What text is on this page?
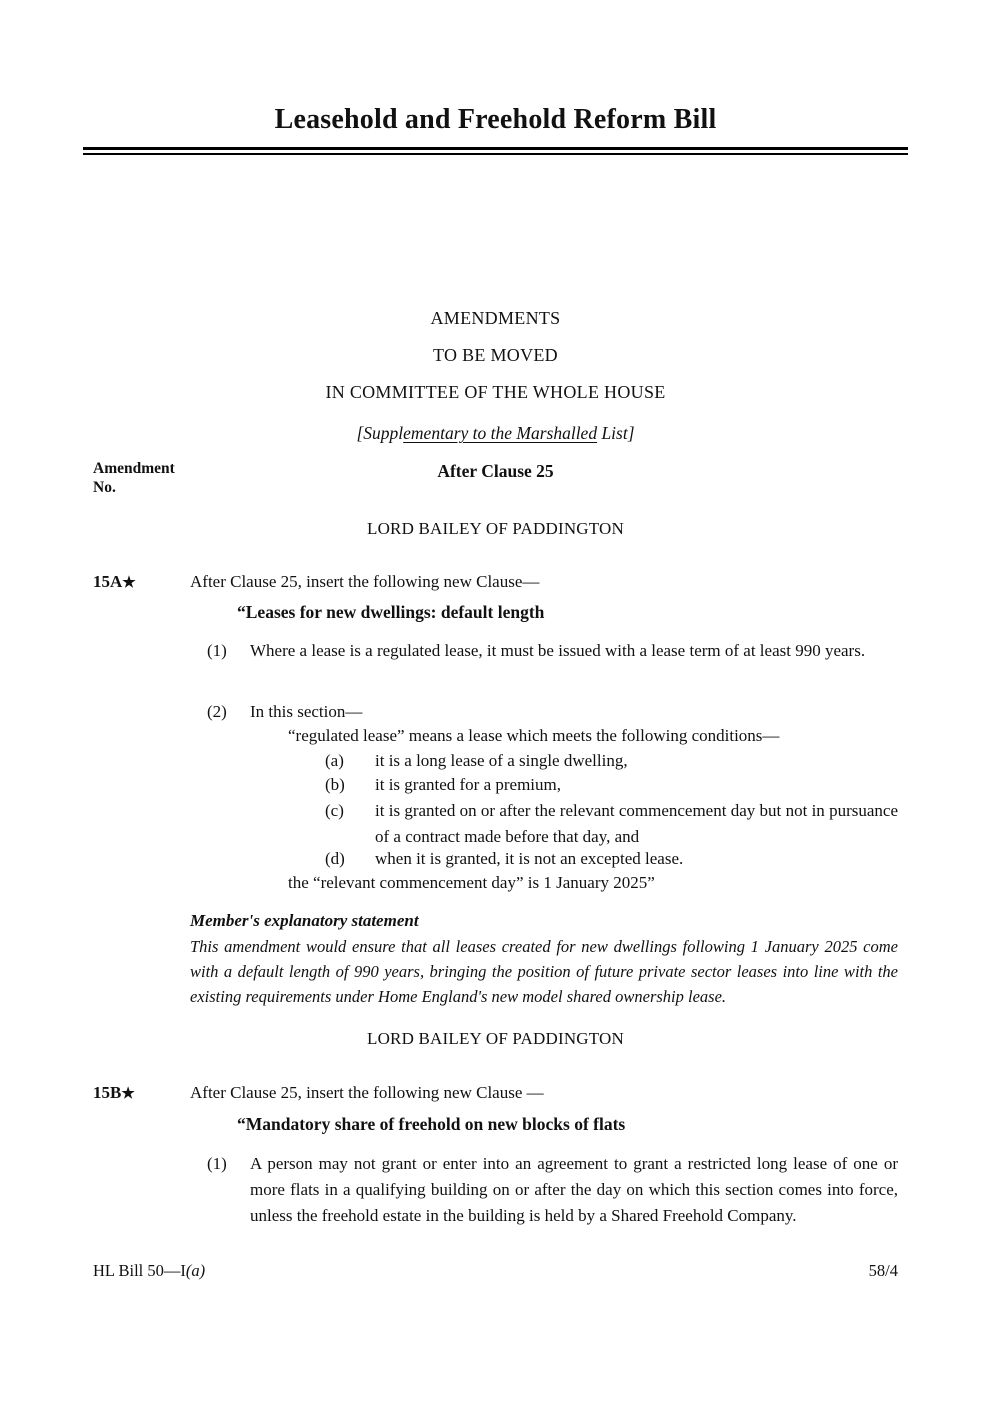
Leasehold and Freehold Reform Bill
AMENDMENTS
TO BE MOVED
IN COMMITTEE OF THE WHOLE HOUSE
[Supplementary to the Marshalled List]
Amendment
No.
After Clause 25
LORD BAILEY OF PADDINGTON
15A★	After Clause 25, insert the following new Clause—
“Leases for new dwellings: default length
(1) Where a lease is a regulated lease, it must be issued with a lease term of at least 990 years.
(2) In this section—
“regulated lease” means a lease which meets the following conditions—
(a) it is a long lease of a single dwelling,
(b) it is granted for a premium,
(c) it is granted on or after the relevant commencement day but not in pursuance of a contract made before that day, and
(d) when it is granted, it is not an excepted lease.
the “relevant commencement day” is 1 January 2025”
Member's explanatory statement
This amendment would ensure that all leases created for new dwellings following 1 January 2025 come with a default length of 990 years, bringing the position of future private sector leases into line with the existing requirements under Home England's new model shared ownership lease.
LORD BAILEY OF PADDINGTON
15B★	After Clause 25, insert the following new Clause —
“Mandatory share of freehold on new blocks of flats
(1) A person may not grant or enter into an agreement to grant a restricted long lease of one or more flats in a qualifying building on or after the day on which this section comes into force, unless the freehold estate in the building is held by a Shared Freehold Company.
HL Bill 50—I(a)	58/4
